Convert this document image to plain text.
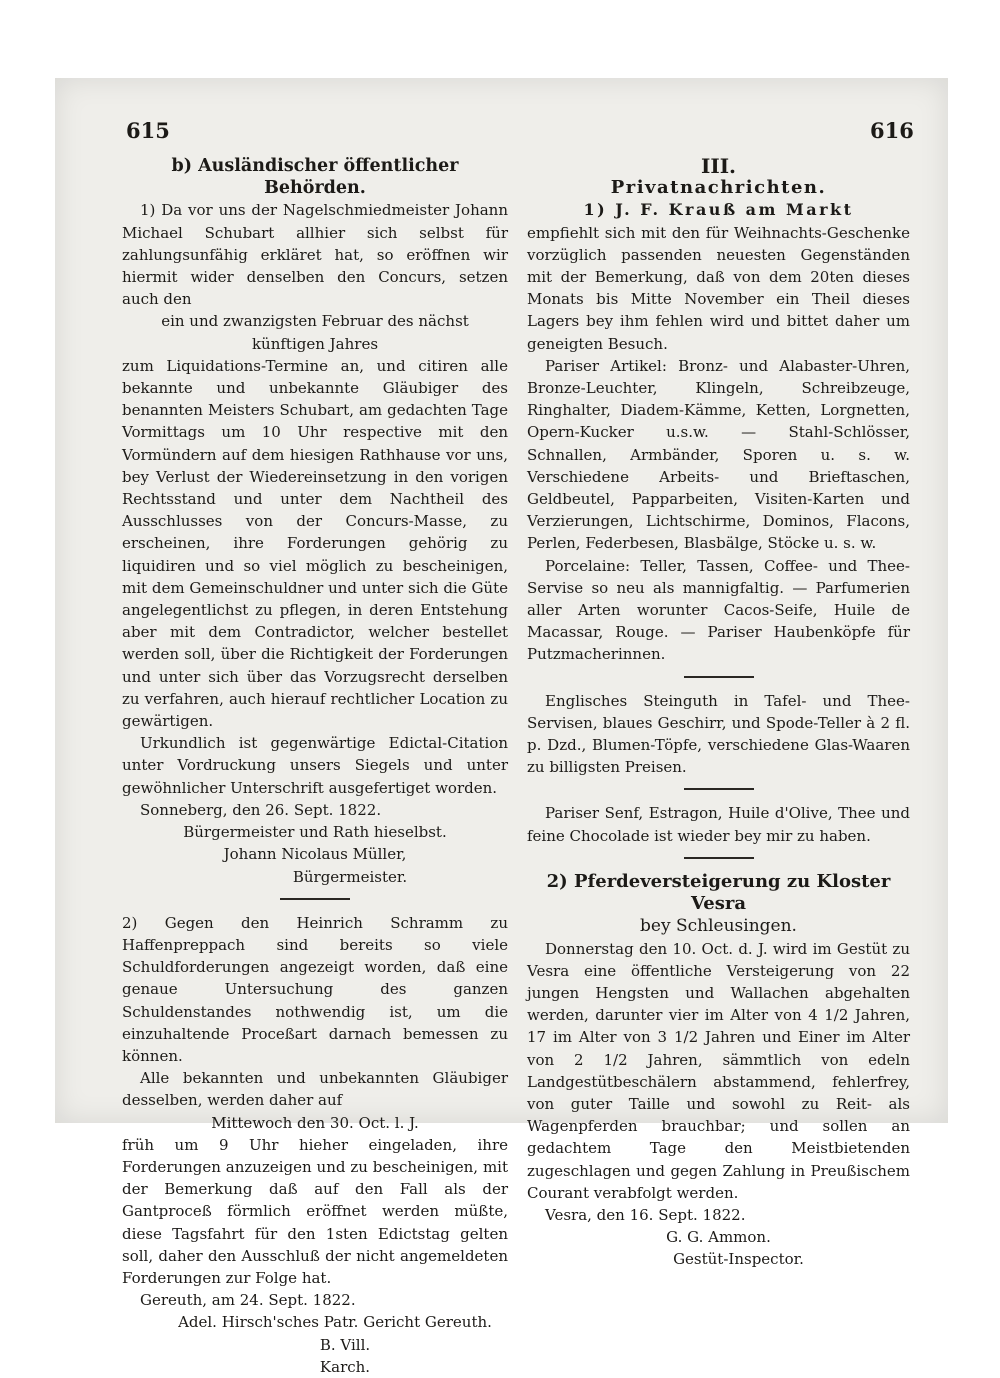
615	616

b) Ausländischer öffentlicher Behörden.

1) Da vor uns der Nagelschmiedmeister Johann Michael Schubart allhier sich selbst für zahlungsunfähig erkläret hat, so eröffnen wir hiermit wider denselben den Concurs, setzen auch den

ein und zwanzigsten Februar des nächst

künftigen Jahres

zum Liquidations-Termine an, und citiren alle bekannte und unbekannte Gläubiger des benannten Meisters Schubart, am gedachten Tage Vormittags um 10 Uhr respective mit den Vormündern auf dem hiesigen Rathhause vor uns, bey Verlust der Wiedereinsetzung in den vorigen Rechtsstand und unter dem Nachtheil des Ausschlusses von der Concurs-Masse, zu erscheinen, ihre Forderungen gehörig zu liquidiren und so viel möglich zu bescheinigen, mit dem Gemeinschuldner und unter sich die Güte angelegentlichst zu pflegen, in deren Entstehung aber mit dem Contradictor, welcher bestellet werden soll, über die Richtigkeit der Forderungen und unter sich über das Vorzugsrecht derselben zu verfahren, auch hierauf rechtlicher Location zu gewärtigen.

Urkundlich ist gegenwärtige Edictal-Citation unter Vordruckung unsers Siegels und unter gewöhnlicher Unterschrift ausgefertiget worden.

Sonneberg, den 26. Sept. 1822.

Bürgermeister und Rath hieselbst.

Johann Nicolaus Müller,

Bürgermeister.

2) Gegen den Heinrich Schramm zu Haffenpreppach sind bereits so viele Schuldforderungen angezeigt worden, daß eine genaue Untersuchung des ganzen Schuldenstandes nothwendig ist, um die einzuhaltende Proceßart darnach bemessen zu können.

Alle bekannten und unbekannten Gläubiger desselben, werden daher auf

Mittewoch den 30. Oct. l. J.

früh um 9 Uhr hieher eingeladen, ihre Forderungen anzuzeigen und zu bescheinigen, mit der Bemerkung daß auf den Fall als der Gantproceß förmlich eröffnet werden müßte, diese Tagsfahrt für den 1sten Edictstag gelten soll, daher den Ausschluß der nicht angemeldeten Forderungen zur Folge hat.

Gereuth, am 24. Sept. 1822.

Adel. Hirsch'sches Patr. Gericht Gereuth.

B. Vill.

Karch.

III.

Privatnachrichten.

1) J. F. Krauß am Markt

empfiehlt sich mit den für Weihnachts-Geschenke vorzüglich passenden neuesten Gegenständen mit der Bemerkung, daß von dem 20ten dieses Monats bis Mitte November ein Theil dieses Lagers bey ihm fehlen wird und bittet daher um geneigten Besuch.

Pariser Artikel: Bronz- und Alabaster-Uhren, Bronze-Leuchter, Klingeln, Schreibzeuge, Ringhalter, Diadem-Kämme, Ketten, Lorgnetten, Opern-Kucker u.s.w. — Stahl-Schlösser, Schnallen, Armbänder, Sporen u. s. w. Verschiedene Arbeits- und Brieftaschen, Geldbeutel, Papparbeiten, Visiten-Karten und Verzierungen, Lichtschirme, Dominos, Flacons, Perlen, Federbesen, Blasbälge, Stöcke u. s. w.

Porcelaine: Teller, Tassen, Coffee- und Thee-Servise so neu als mannigfaltig. — Parfumerien aller Arten worunter Cacos-Seife, Huile de Macassar, Rouge. — Pariser Haubenköpfe für Putzmacherinnen.

Englisches Steinguth in Tafel- und Thee-Servisen, blaues Geschirr, und Spode-Teller à 2 fl. p. Dzd., Blumen-Töpfe, verschiedene Glas-Waaren zu billigsten Preisen.

Pariser Senf, Estragon, Huile d'Olive, Thee und feine Chocolade ist wieder bey mir zu haben.

2) Pferdeversteigerung zu Kloster Vesra

bey Schleusingen.

Donnerstag den 10. Oct. d. J. wird im Gestüt zu Vesra eine öffentliche Versteigerung von 22 jungen Hengsten und Wallachen abgehalten werden, darunter vier im Alter von 4 1/2 Jahren, 17 im Alter von 3 1/2 Jahren und Einer im Alter von 2 1/2 Jahren, sämmtlich von edeln Landgestütbeschälern abstammend, fehlerfrey, von guter Taille und sowohl zu Reit- als Wagenpferden brauchbar; und sollen an gedachtem Tage den Meistbietenden zugeschlagen und gegen Zahlung in Preußischem Courant verabfolgt werden.

Vesra, den 16. Sept. 1822.

G. G. Ammon.

Gestüt-Inspector.
